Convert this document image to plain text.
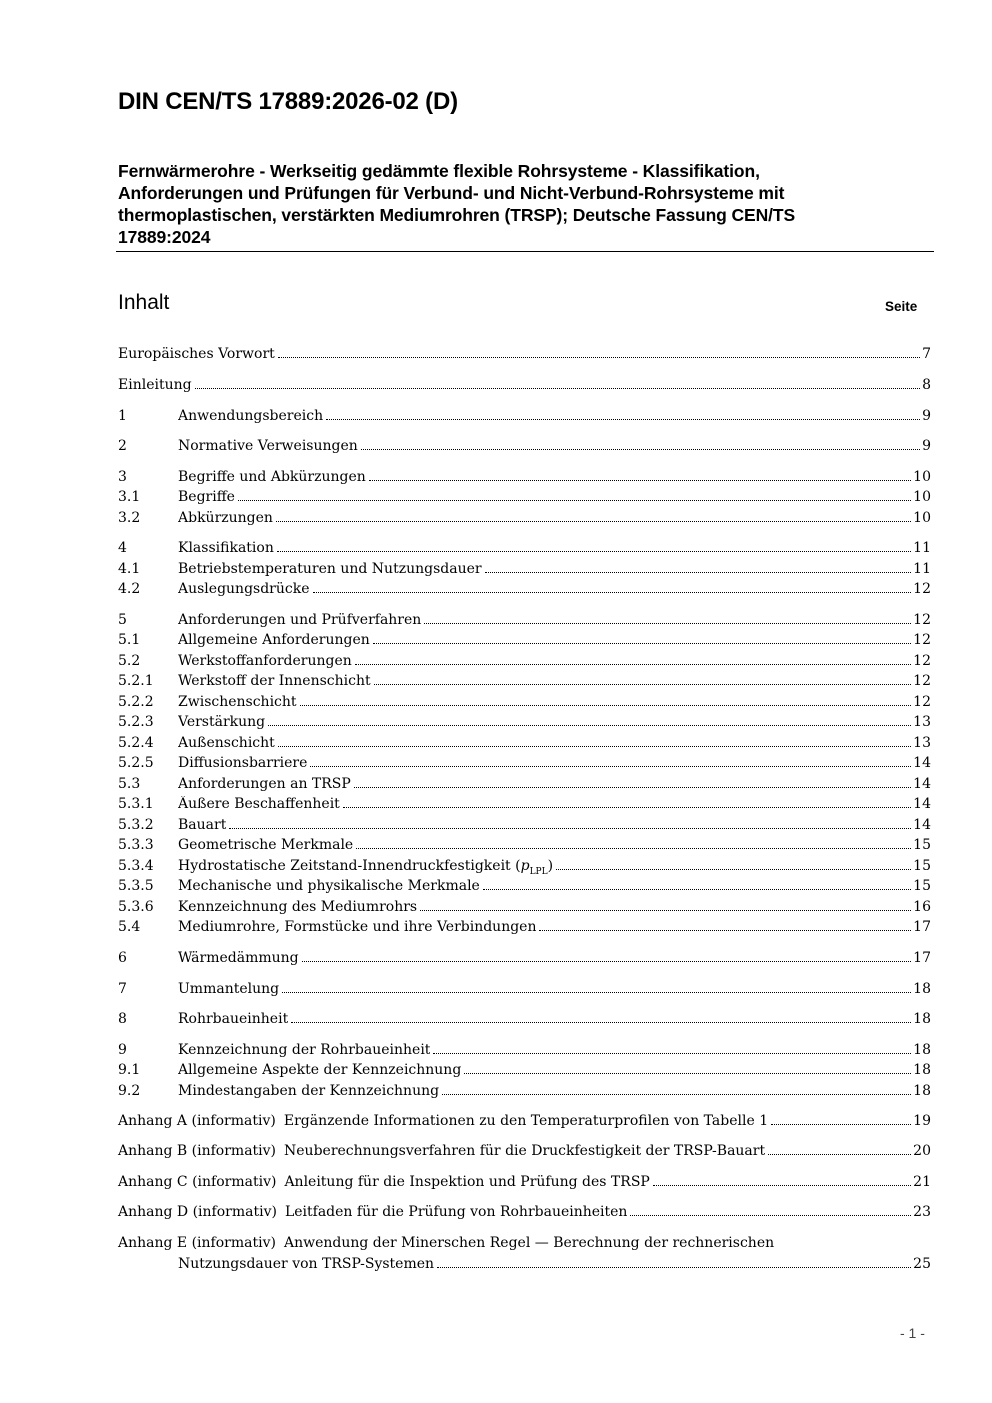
DIN CEN/TS 17889:2026-02 (D)
Fernwärmerohre - Werkseitig gedämmte flexible Rohrsysteme - Klassifikation,
Anforderungen und Prüfungen für Verbund- und Nicht-Verbund-Rohrsysteme mit
thermoplastischen, verstärkten Mediumrohren (TRSP); Deutsche Fassung CEN/TS
17889:2024
Inhalt	Seite
Europäisches Vorwort	7
Einleitung	8
1	Anwendungsbereich	9
2	Normative Verweisungen	9
3	Begriffe und Abkürzungen	10
3.1	Begriffe	10
3.2	Abkürzungen	10
4	Klassifikation	11
4.1	Betriebstemperaturen und Nutzungsdauer	11
4.2	Auslegungsdrücke	12
5	Anforderungen und Prüfverfahren	12
5.1	Allgemeine Anforderungen	12
5.2	Werkstoffanforderungen	12
5.2.1	Werkstoff der Innenschicht	12
5.2.2	Zwischenschicht	12
5.2.3	Verstärkung	13
5.2.4	Außenschicht	13
5.2.5	Diffusionsbarriere	14
5.3	Anforderungen an TRSP	14
5.3.1	Äußere Beschaffenheit	14
5.3.2	Bauart	14
5.3.3	Geometrische Merkmale	15
5.3.4	Hydrostatische Zeitstand-Innendruckfestigkeit $(p_{LPL})$	15
5.3.5	Mechanische und physikalische Merkmale	15
5.3.6	Kennzeichnung des Mediumrohrs	16
5.4	Mediumrohre, Formstücke und ihre Verbindungen	17
6	Wärmedämmung	17
7	Ummantelung	18
8	Rohrbaueinheit	18
9	Kennzeichnung der Rohrbaueinheit	18
9.1	Allgemeine Aspekte der Kennzeichnung	18
9.2	Mindestangaben der Kennzeichnung	18
Anhang A (informativ) Ergänzende Informationen zu den Temperaturprofilen von Tabelle 1	19
Anhang B (informativ) Neuberechnungsverfahren für die Druckfestigkeit der TRSP-Bauart	20
Anhang C (informativ) Anleitung für die Inspektion und Prüfung des TRSP	21
Anhang D (informativ) Leitfaden für die Prüfung von Rohrbaueinheiten	23
Anhang E (informativ) Anwendung der Minerschen Regel — Berechnung der rechnerischen
Nutzungsdauer von TRSP-Systemen	25
- 1 -
